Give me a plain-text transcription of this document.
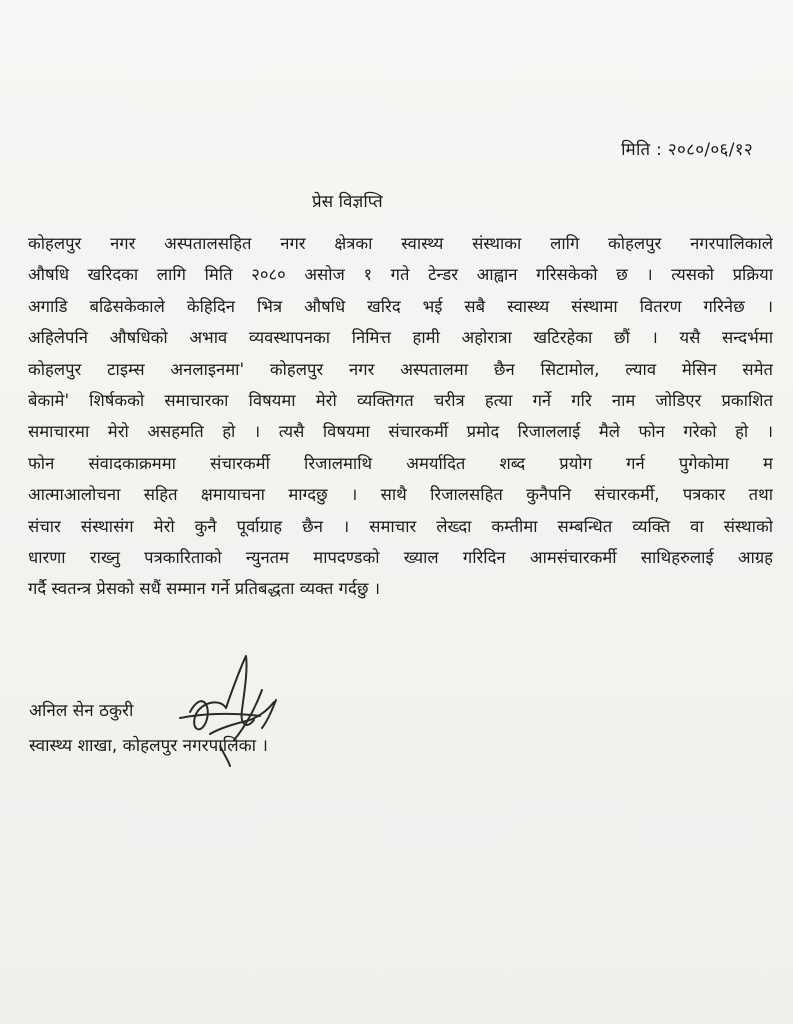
मिति : २०८०/०६/१२
प्रेस विज्ञप्ति
कोहलपुर नगर अस्पतालसहित नगर क्षेत्रका स्वास्थ्य संस्थाका लागि कोहलपुर नगरपालिकाले
औषधि खरिदका लागि मिति २०८० असोज १ गते टेन्डर आह्वान गरिसकेको छ । त्यसको प्रक्रिया
अगाडि बढिसकेकाले केहिदिन भित्र औषधि खरिद भई सबै स्वास्थ्य संस्थामा वितरण गरिनेछ ।
अहिलेपनि औषधिको अभाव व्यवस्थापनका निमित्त हामी अहोरात्रा खटिरहेका छौं । यसै सन्दर्भमा
कोहलपुर टाइम्स अनलाइनमा' कोहलपुर नगर अस्पतालमा छैन सिटामोल, ल्याव मेसिन समेत
बेकामे' शिर्षकको समाचारका विषयमा मेरो व्यक्तिगत चरीत्र हत्या गर्ने गरि नाम जोडिएर प्रकाशित
समाचारमा मेरो असहमति हो । त्यसै विषयमा संचारकर्मी प्रमोद रिजाललाई मैले फोन गरेको हो ।
फोन संवादकाक्रममा संचारकर्मी रिजालमाथि अमर्यादित शब्द प्रयोग गर्न पुगेकोमा म
आत्माआलोचना सहित क्षमायाचना माग्दछु । साथै रिजालसहित कुनैपनि संचारकर्मी, पत्रकार तथा
संचार संस्थासंग मेरो कुनै पूर्वाग्राह छैन । समाचार लेख्दा कम्तीमा सम्बन्धित व्यक्ति वा संस्थाको
धारणा राख्नु पत्रकारिताको न्युनतम मापदण्डको ख्याल गरिदिन आमसंचारकर्मी साथिहरुलाई आग्रह
गर्दै स्वतन्त्र प्रेसको सधैं सम्मान गर्ने प्रतिबद्धता व्यक्त गर्दछु ।
अनिल सेन ठकुरी
स्वास्थ्य शाखा, कोहलपुर नगरपालिका ।
